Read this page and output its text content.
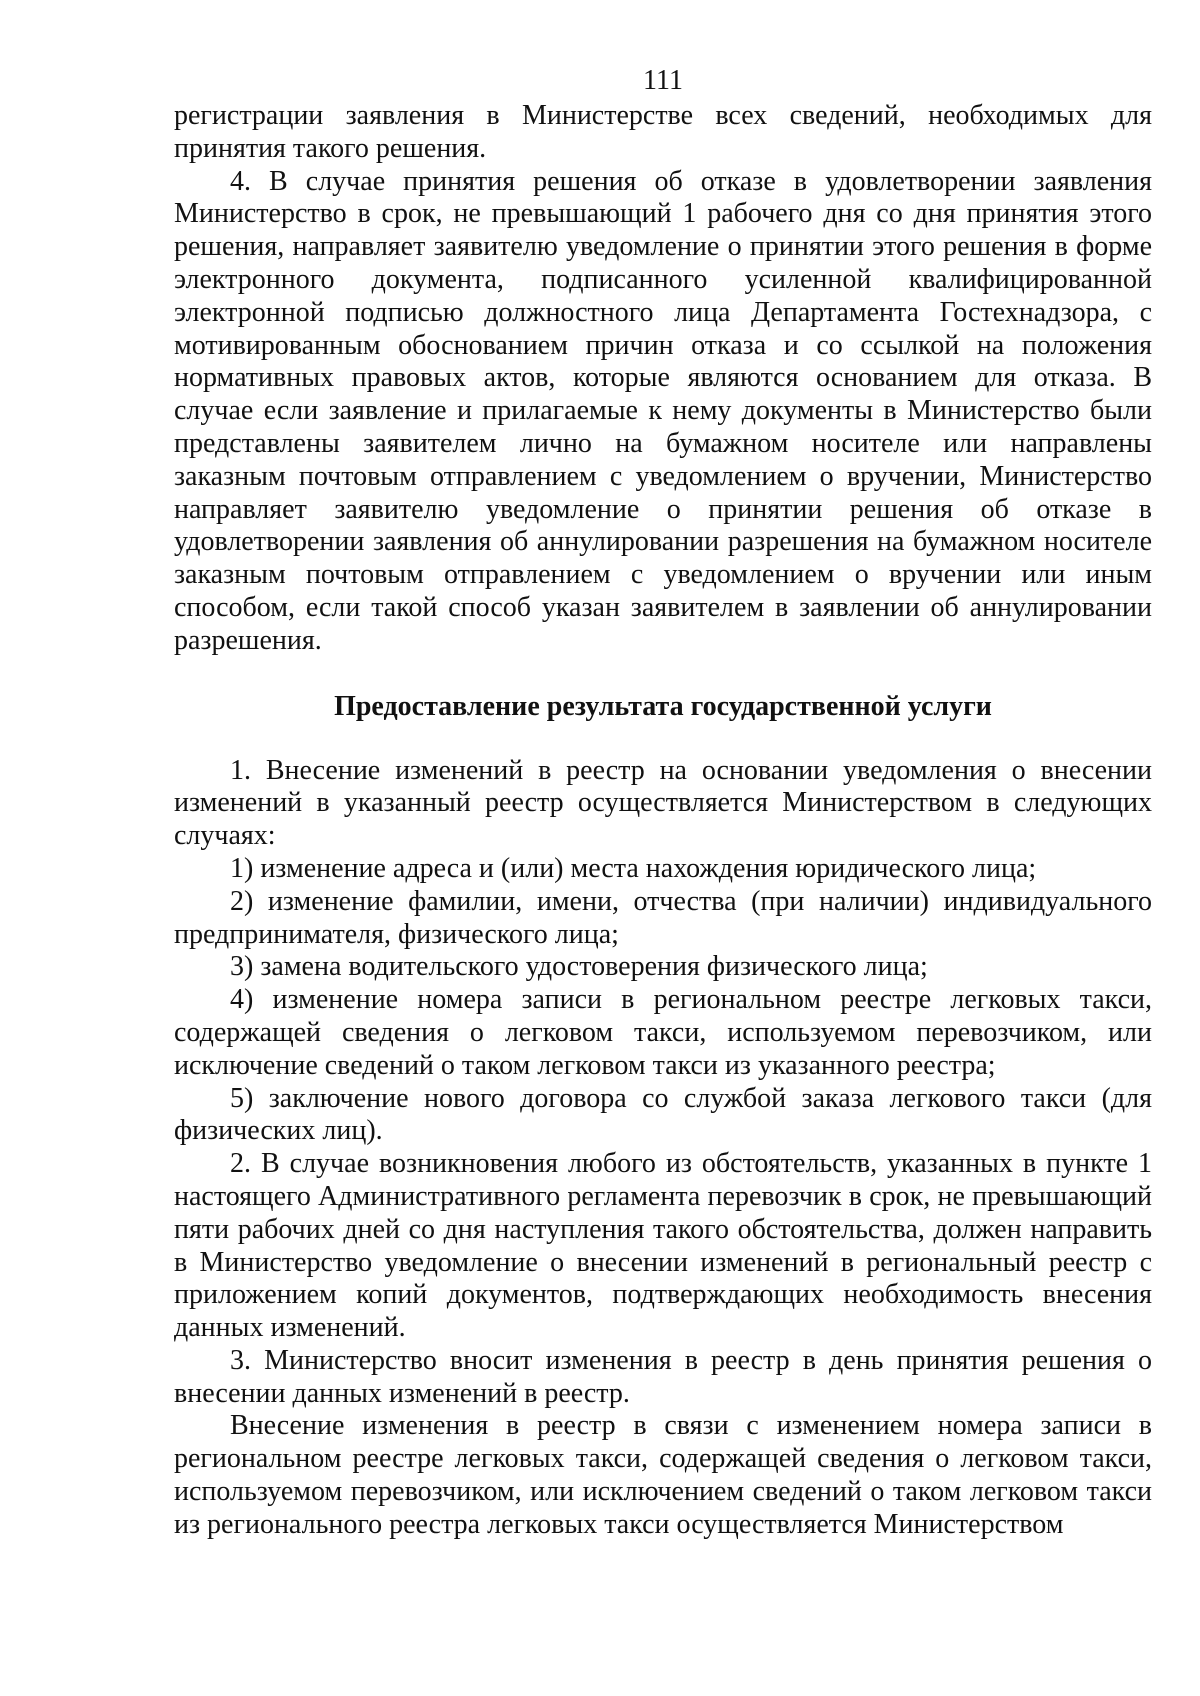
111

регистрации заявления в Министерстве всех сведений, необходимых для принятия такого решения.

4. В случае принятия решения об отказе в удовлетворении заявления Министерство в срок, не превышающий 1 рабочего дня со дня принятия этого решения, направляет заявителю уведомление о принятии этого решения в форме электронного документа, подписанного усиленной квалифицированной электронной подписью должностного лица Департамента Гостехнадзора, с мотивированным обоснованием причин отказа и со ссылкой на положения нормативных правовых актов, которые являются основанием для отказа. В случае если заявление и прилагаемые к нему документы в Министерство были представлены заявителем лично на бумажном носителе или направлены заказным почтовым отправлением с уведомлением о вручении, Министерство направляет заявителю уведомление о принятии решения об отказе в удовлетворении заявления об аннулировании разрешения на бумажном носителе заказным почтовым отправлением с уведомлением о вручении или иным способом, если такой способ указан заявителем в заявлении об аннулировании разрешения.

Предоставление результата государственной услуги

1. Внесение изменений в реестр на основании уведомления о внесении изменений в указанный реестр осуществляется Министерством в следующих случаях:

1) изменение адреса и (или) места нахождения юридического лица;

2) изменение фамилии, имени, отчества (при наличии) индивидуального предпринимателя, физического лица;

3) замена водительского удостоверения физического лица;

4) изменение номера записи в региональном реестре легковых такси, содержащей сведения о легковом такси, используемом перевозчиком, или исключение сведений о таком легковом такси из указанного реестра;

5) заключение нового договора со службой заказа легкового такси (для физических лиц).

2. В случае возникновения любого из обстоятельств, указанных в пункте 1 настоящего Административного регламента перевозчик в срок, не превышающий пяти рабочих дней со дня наступления такого обстоятельства, должен направить в Министерство уведомление о внесении изменений в региональный реестр с приложением копий документов, подтверждающих необходимость внесения данных изменений.

3. Министерство вносит изменения в реестр в день принятия решения о внесении данных изменений в реестр.

Внесение изменения в реестр в связи с изменением номера записи в региональном реестре легковых такси, содержащей сведения о легковом такси, используемом перевозчиком, или исключением сведений о таком легковом такси из регионального реестра легковых такси осуществляется Министерством
